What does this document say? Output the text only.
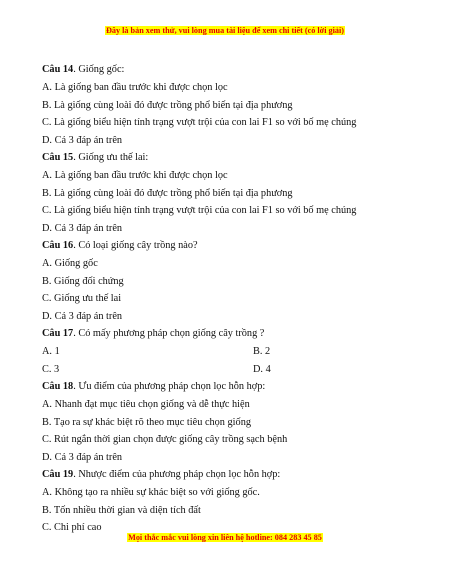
Đây là bản xem thử, vui lòng mua tài liệu để xem chi tiết (có lời giải)
Câu 14. Giống gốc:
A. Là giống ban đầu trước khi được chọn lọc
B. Là giống cùng loài đó được trồng phổ biến tại địa phương
C. Là giống biểu hiện tính trạng vượt trội của con lai F1 so với bố mẹ chúng
D. Cả 3 đáp án trên
Câu 15. Giống ưu thế lai:
A. Là giống ban đầu trước khi được chọn lọc
B. Là giống cùng loài đó được trồng phổ biến tại địa phương
C. Là giống biểu hiện tính trạng vượt trội của con lai F1 so với bố mẹ chúng
D. Cả 3 đáp án trên
Câu 16. Có loại giống cây trồng nào?
A. Giống gốc
B. Giống đối chứng
C. Giống ưu thế lai
D. Cả 3 đáp án trên
Câu 17. Có mấy phương pháp chọn giống cây trồng ?
A. 1	B. 2
C. 3	D. 4
Câu 18. Ưu điểm của phương pháp chọn lọc hỗn hợp:
A. Nhanh đạt mục tiêu chọn giống và dễ thực hiện
B. Tạo ra sự khác biệt rõ theo mục tiêu chọn giống
C. Rút ngắn thời gian chọn được giống cây trồng sạch bệnh
D. Cả 3 đáp án trên
Câu 19. Nhược điểm của phương pháp chọn lọc hỗn hợp:
A. Không tạo ra nhiều sự khác biệt so với giống gốc.
B. Tốn nhiều thời gian và diện tích đất
C. Chi phí cao
Mọi thắc mắc vui lòng xin liên hệ hotline: 084 283 45 85
